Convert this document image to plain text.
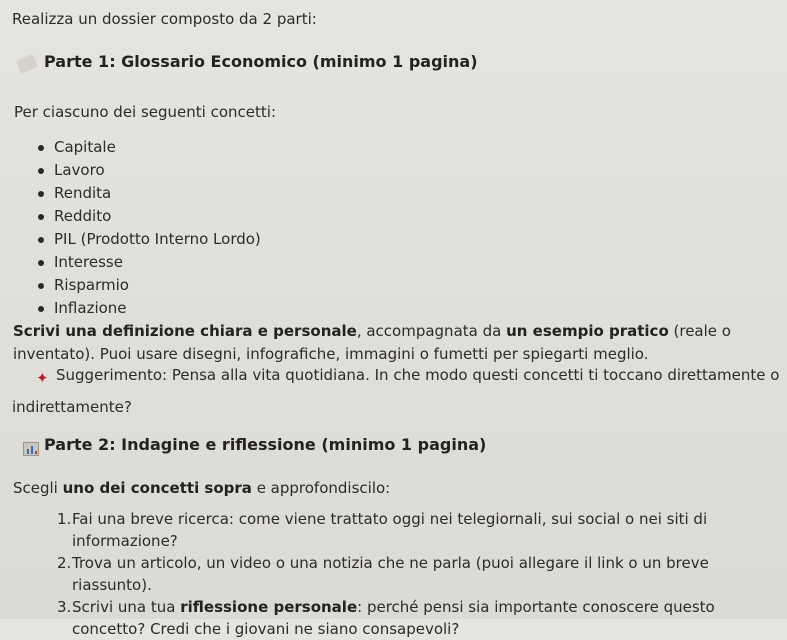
Realizza un dossier composto da 2 parti:
Parte 1: Glossario Economico (minimo 1 pagina)
Per ciascuno dei seguenti concetti:
Capitale
Lavoro
Rendita
Reddito
PIL (Prodotto Interno Lordo)
Interesse
Risparmio
Inflazione
Scrivi una definizione chiara e personale, accompagnata da un esempio pratico (reale o inventato). Puoi usare disegni, infografiche, immagini o fumetti per spiegarti meglio.
✦ Suggerimento: Pensa alla vita quotidiana. In che modo questi concetti ti toccano direttamente o
indirettamente?
Parte 2: Indagine e riflessione (minimo 1 pagina)
Scegli uno dei concetti sopra e approfondiscilo:
1. Fai una breve ricerca: come viene trattato oggi nei telegiornali, sui social o nei siti di informazione?
2. Trova un articolo, un video o una notizia che ne parla (puoi allegare il link o un breve riassunto).
3. Scrivi una tua riflessione personale: perché pensi sia importante conoscere questo concetto? Credi che i giovani ne siano consapevoli?
